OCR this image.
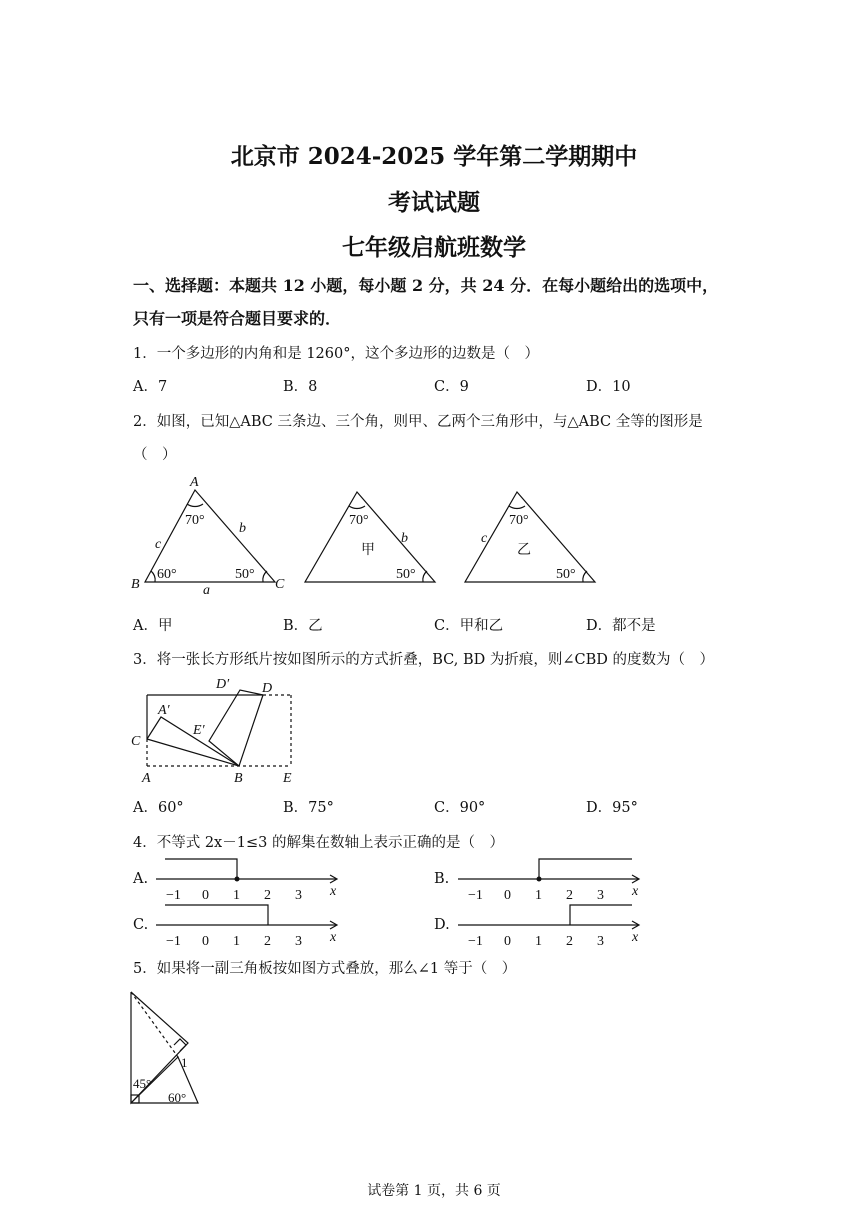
北京市 2024-2025 学年第二学期期中
考试试题
七年级启航班数学
一、选择题：本题共 12 小题，每小题 2 分，共 24 分．在每小题给出的选项中，
只有一项是符合题目要求的．
1．一个多边形的内角和是 1260°，这个多边形的边数是（　）
A．7	B．8	C．9	D．10
2．如图，已知△ABC 三条边、三个角，则甲、乙两个三角形中，与△ABC 全等的图形是
（　）
A
B	C
a
b
c
70°
60°	50°
70°
甲
b
50°
70°
乙
c
50°
A．甲	B．乙	C．甲和乙	D．都不是
3．将一张长方形纸片按如图所示的方式折叠，BC, BD 为折痕，则∠CBD 的度数为（　）
D′ D
A′
E′
C
A	B	E
A．60°	B．75°	C．90°	D．95°
4．不等式 2x－1≤3 的解集在数轴上表示正确的是（　）
A.
−1 0 1 2 3 x
B.
−1 0 1 2 3 x
C.
−1 0 1 2 3 x
D.
−1 0 1 2 3 x
5．如果将一副三角板按如图方式叠放，那么∠1 等于（　）
45°
60°
1
试卷第 1 页，共 6 页
